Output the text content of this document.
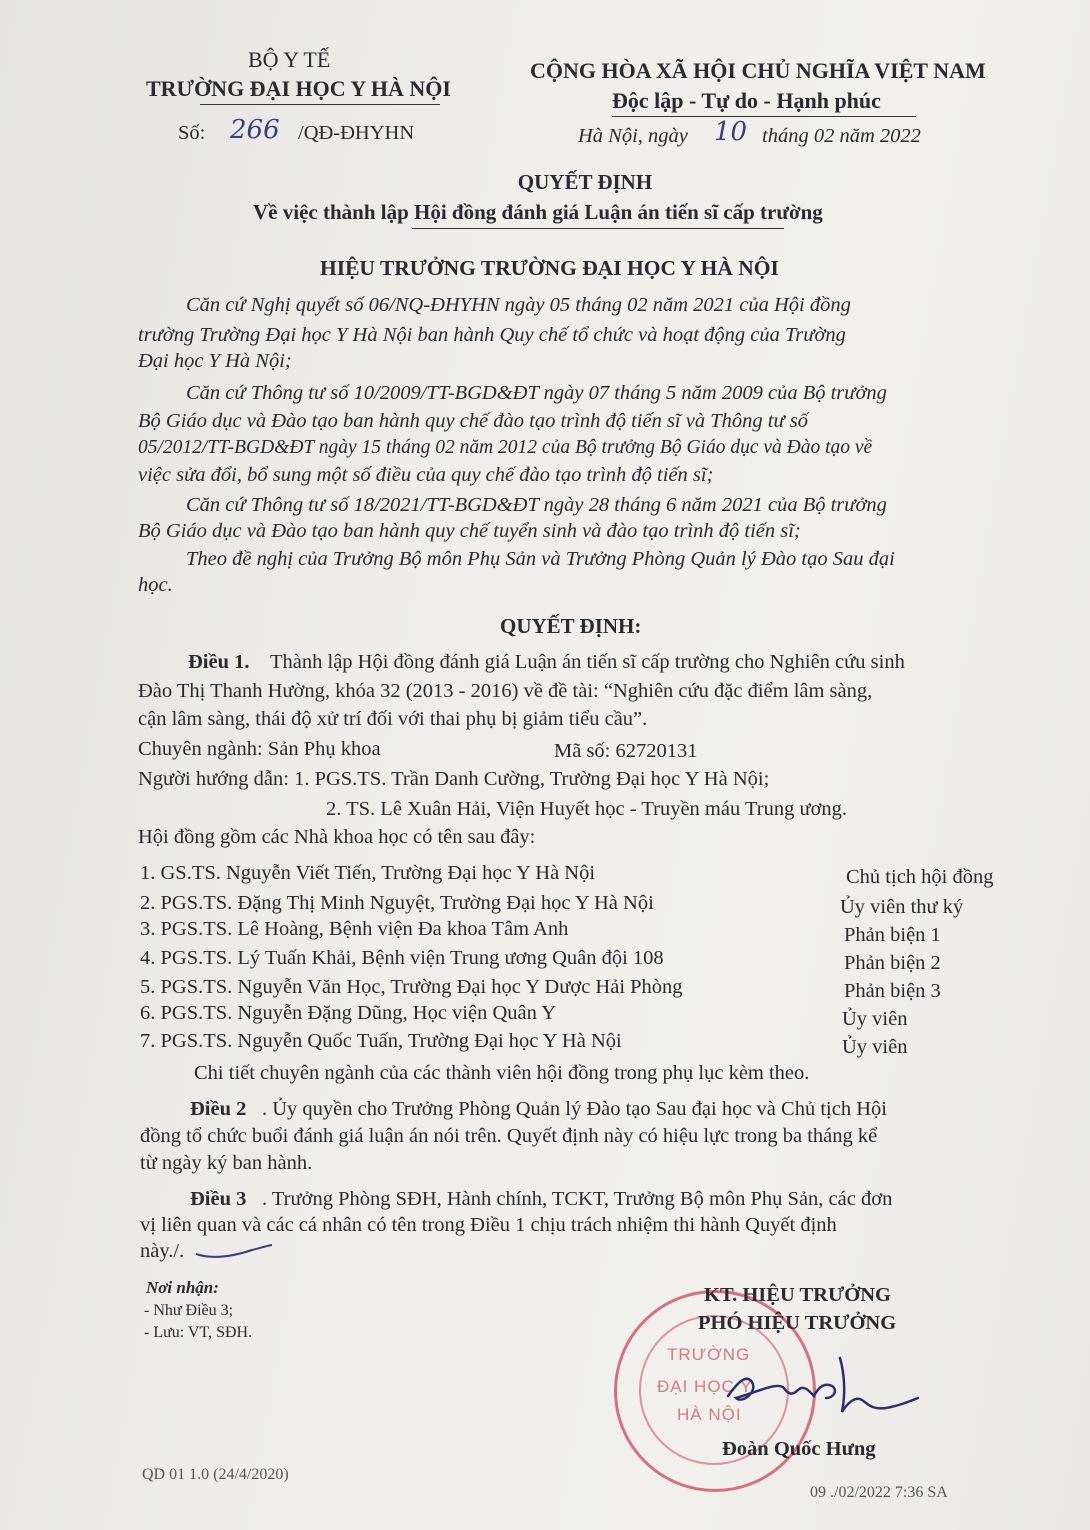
BỘ Y TẾ
TRƯỜNG ĐẠI HỌC Y HÀ NỘI
Số: 266 /QĐ-ĐHYHN
CỘNG HÒA XÃ HỘI CHỦ NGHĨA VIỆT NAM
Độc lập - Tự do - Hạnh phúc
Hà Nội, ngày 10 tháng 02 năm 2022
QUYẾT ĐỊNH
Về việc thành lập Hội đồng đánh giá Luận án tiến sĩ cấp trường
HIỆU TRƯỞNG TRƯỜNG ĐẠI HỌC Y HÀ NỘI
Căn cứ Nghị quyết số 06/NQ-ĐHYHN ngày 05 tháng 02 năm 2021 của Hội đồng
trường Trường Đại học Y Hà Nội ban hành Quy chế tổ chức và hoạt động của Trường
Đại học Y Hà Nội;
Căn cứ Thông tư số 10/2009/TT-BGD&ĐT ngày 07 tháng 5 năm 2009 của Bộ trưởng
Bộ Giáo dục và Đào tạo ban hành quy chế đào tạo trình độ tiến sĩ và Thông tư số
05/2012/TT-BGD&ĐT ngày 15 tháng 02 năm 2012 của Bộ trưởng Bộ Giáo dục và Đào tạo về
việc sửa đổi, bổ sung một số điều của quy chế đào tạo trình độ tiến sĩ;
Căn cứ Thông tư số 18/2021/TT-BGD&ĐT ngày 28 tháng 6 năm 2021 của Bộ trưởng
Bộ Giáo dục và Đào tạo ban hành quy chế tuyển sinh và đào tạo trình độ tiến sĩ;
Theo đề nghị của Trưởng Bộ môn Phụ Sản và Trưởng Phòng Quản lý Đào tạo Sau đại
học.
QUYẾT ĐỊNH:
Điều 1. Thành lập Hội đồng đánh giá Luận án tiến sĩ cấp trường cho Nghiên cứu sinh
Đào Thị Thanh Hường, khóa 32 (2013 - 2016) về đề tài: “Nghiên cứu đặc điểm lâm sàng,
cận lâm sàng, thái độ xử trí đối với thai phụ bị giảm tiểu cầu”.
Chuyên ngành: Sản Phụ khoa	Mã số: 62720131
Người hướng dẫn: 1. PGS.TS. Trần Danh Cường, Trường Đại học Y Hà Nội;
2. TS. Lê Xuân Hải, Viện Huyết học - Truyền máu Trung ương.
Hội đồng gồm các Nhà khoa học có tên sau đây:
1. GS.TS. Nguyễn Viết Tiến, Trường Đại học Y Hà Nội	Chủ tịch hội đồng
2. PGS.TS. Đặng Thị Minh Nguyệt, Trường Đại học Y Hà Nội	Ủy viên thư ký
3. PGS.TS. Lê Hoàng, Bệnh viện Đa khoa Tâm Anh	Phản biện 1
4. PGS.TS. Lý Tuấn Khải, Bệnh viện Trung ương Quân đội 108	Phản biện 2
5. PGS.TS. Nguyễn Văn Học, Trường Đại học Y Dược Hải Phòng	Phản biện 3
6. PGS.TS. Nguyễn Đặng Dũng, Học viện Quân Y	Ủy viên
7. PGS.TS. Nguyễn Quốc Tuấn, Trường Đại học Y Hà Nội	Ủy viên
Chi tiết chuyên ngành của các thành viên hội đồng trong phụ lục kèm theo.
Điều 2 . Ủy quyền cho Trưởng Phòng Quản lý Đào tạo Sau đại học và Chủ tịch Hội
đồng tổ chức buổi đánh giá luận án nói trên. Quyết định này có hiệu lực trong ba tháng kể
từ ngày ký ban hành.
Điều 3 . Trưởng Phòng SĐH, Hành chính, TCKT, Trưởng Bộ môn Phụ Sản, các đơn
vị liên quan và các cá nhân có tên trong Điều 1 chịu trách nhiệm thi hành Quyết định
này./.
Nơi nhận:
- Như Điều 3;
- Lưu: VT, SĐH.
TRƯỜNG
ĐẠI HỌC Y
HÀ NỘI
KT. HIỆU TRƯỞNG
PHÓ HIỆU TRƯỞNG
Đoàn Quốc Hưng
QD 01 1.0 (24/4/2020)
09 ./02/2022 7:36 SA
